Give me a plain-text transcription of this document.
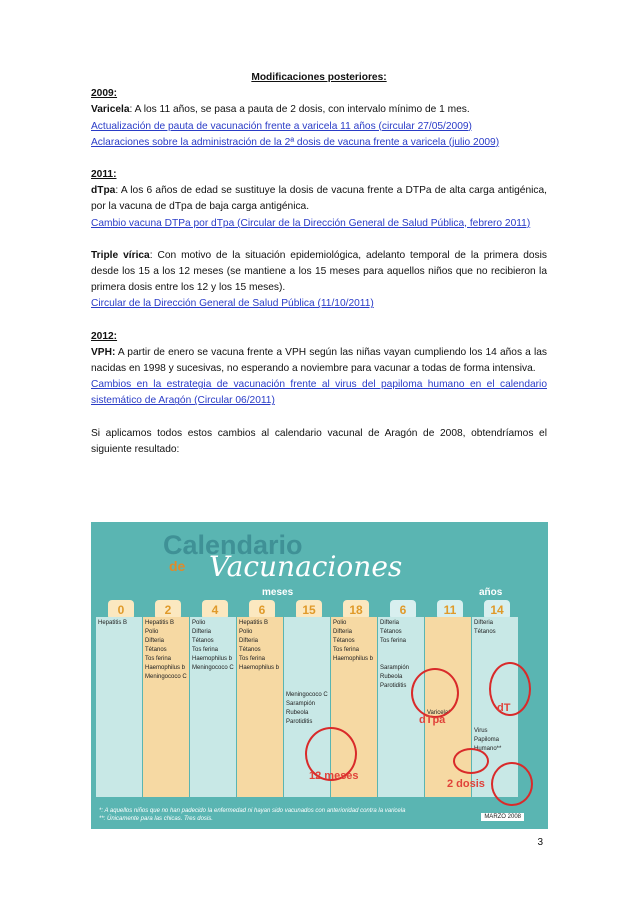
Modificaciones posteriores:
2009:

Varicela: A los 11 años, se pasa a pauta de 2 dosis, con intervalo mínimo de 1 mes.

Actualización de pauta de vacunación frente a varicela 11 años (circular 27/05/2009)

Aclaraciones sobre la administración de la 2ª dosis de vacuna frente a varicela (julio 2009)

2011:

dTpa: A los 6 años de edad se sustituye la dosis de vacuna frente a DTPa de alta carga antigénica, por la vacuna de dTpa de baja carga antigénica.

Cambio vacuna DTPa por dTpa (Circular de la Dirección General de Salud Pública, febrero 2011)

Triple vírica: Con motivo de la situación epidemiológica, adelanto temporal de la primera dosis desde los 15 a los 12 meses (se mantiene a los 15 meses para aquellos niños que no recibieron la primera dosis entre los 12 y los 15 meses).

Circular de la Dirección General de Salud Pública (11/10/2011)

2012:

VPH: A partir de enero se vacuna frente a VPH según las niñas vayan cumpliendo los 14 años a las nacidas en 1998 y sucesivas, no esperando a noviembre para vacunar a todas de forma intensiva.

Cambios en la estrategia de vacunación frente al virus del papiloma humano en el calendario sistemático de Aragón (Circular 06/2011)

Si aplicamos todos estos cambios al calendario vacunal de Aragón de 2008, obtendríamos el siguiente resultado:

Calendario
de Vacunaciones
meses	años
0
Hepatitis B
2
Hepatitis B
Polio
Difteria
Tétanos
Tos ferina
Haemophilus b
Meningococo C
4
Polio
Difteria
Tétanos
Tos ferina
Haemophilus b
Meningococo C
6
Hepatitis B
Polio
Difteria
Tétanos
Tos ferina
Haemophilus b
15

Meningococo C
Sarampión
Rubeola
Parotiditis
18
Polio
Difteria
Tétanos
Tos ferina
Haemophilus b
6
Difteria
Tétanos
Tos ferina

Sarampión
Rubeola
Parotiditis
11

Varicela*
14
Difteria
Tétanos

Virus
Papiloma
Humano**
12 meses
dTpa
dT
2 dosis
*: A aquellos niños que no han padecido la enfermedad ni hayan sido vacunados con anterioridad contra la varicela
**: Únicamente para las chicas. Tres dosis.	MARZO 2008
3
